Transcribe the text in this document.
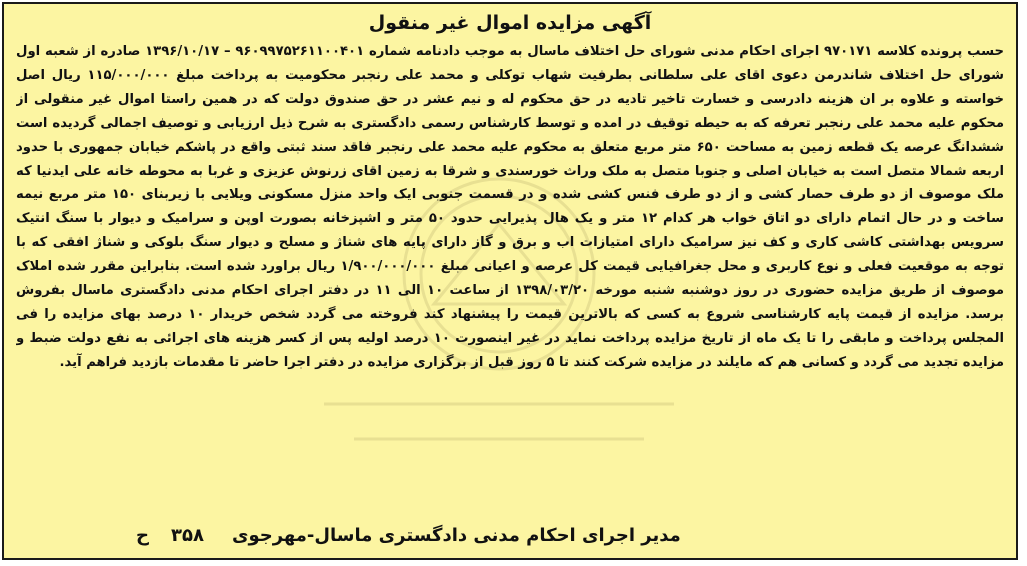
آگهی مزایده اموال غیر منقول
حسب پرونده کلاسه ۹۷۰۱۷۱ اجرای احکام مدنی شورای حل اختلاف ماسال به موجب دادنامه شماره ۹۶۰۹۹۷۵۲۶۱۱۰۰۴۰۱ – ۱۳۹۶/۱۰/۱۷ صادره از شعبه اول شورای حل اختلاف شاندرمن دعوی اقای علی سلطانی بطرفیت شهاب توکلی و محمد علی رنجبر محکومیت به پرداخت مبلغ ۱۱۵/۰۰۰/۰۰۰ ریال اصل خواسته و علاوه بر ان هزینه دادرسی و خسارت تاخیر تادیه در حق محکوم له و نیم عشر در حق صندوق دولت که در همین راستا اموال غیر منقولی از محکوم علیه محمد علی رنجبر تعرفه که به حیطه توقیف در امده و توسط کارشناس رسمی دادگستری به شرح ذیل ارزیابی و توصیف اجمالی گردیده است ششدانگ عرصه یک قطعه زمین به مساحت ۶۵۰ متر مربع متعلق به محکوم علیه محمد علی رنجبر فاقد سند ثبتی واقع در پاشکم خیابان جمهوری با حدود اربعه شمالا متصل است به خیابان اصلی و جنوبا متصل به ملک وراث خورسندی و شرقا به زمین اقای زرنوش عزیزی و غربا به محوطه خانه علی ایدنیا که ملک موصوف از دو طرف حصار کشی و از دو طرف فنس کشی شده و در قسمت جنوبی ایک واحد منزل مسکونی ویلایی با زیربنای ۱۵۰ متر مربع نیمه ساخت و در حال اتمام دارای دو اتاق خواب هر کدام ۱۲ متر و یک هال پذیرایی حدود ۵۰ متر و اشپزخانه بصورت اوپن و سرامیک و دیوار با سنگ انتیک سرویس بهداشتی کاشی کاری و کف نیز سرامیک دارای امتیازات اب و برق و گاز دارای پایه های شناژ و مسلح و دیوار سنگ بلوکی و شناژ افقی که با توجه به موقعیت فعلی و نوع کاربری و محل جغرافیایی قیمت کل عرصه و اعیانی مبلغ ۱/۹۰۰/۰۰۰/۰۰۰ ریال براورد شده است. بنابراین مقرر شده املاک موصوف از طریق مزایده حضوری در روز دوشنبه شنبه مورخه ۱۳۹۸/۰۳/۲۰ از ساعت ۱۰ الی ۱۱ در دفتر اجرای احکام مدنی دادگستری ماسال بفروش برسد. مزایده از قیمت پایه کارشناسی شروع به کسی که بالاترین قیمت را پیشنهاد کند فروخته می گردد شخص خریدار ۱۰ درصد بهای مزایده را فی المجلس پرداخت و مابقی را تا یک ماه از تاریخ مزایده پرداخت نماید در غیر اینصورت ۱۰ درصد اولیه پس از کسر هزینه های اجرائی به نفع دولت ضبط و مزایده تجدید می گردد و کسانی هم که مایلند در مزایده شرکت کنند تا ۵ روز قبل از برگزاری مزایده در دفتر اجرا حاضر تا مقدمات بازدید فراهم آید.
مدیر اجرای احکام مدنی دادگستری ماسال-مهرجوی
۳۵۸
ح
